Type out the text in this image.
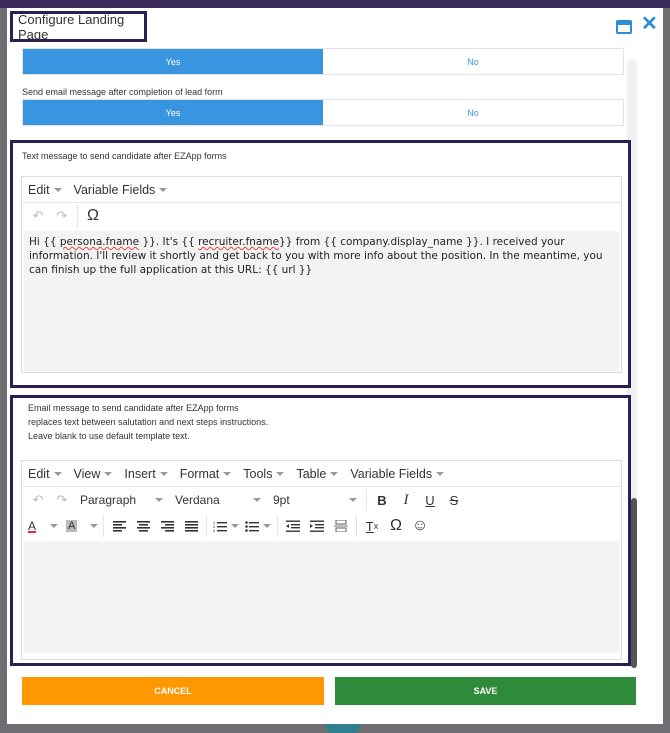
Configure Landing Page	✕
Yes	No
Send email message after completion of lead form
Yes	No
Text message to send candidate after EZApp forms
Edit	Variable Fields
↶	↷	Ω
Hi {{ persona.fname }}. It's {{ recruiter.fname}} from {{ company.display_name }}. I received your information. I'll review it shortly and get back to you with more info about the position. In the meantime, you can finish up the full application at this URL: {{ url }}
Email message to send candidate after EZApp forms
replaces text between salutation and next steps instructions.
Leave blank to use default template text.
Edit	View	Insert	Format	Tools	Table	Variable Fields
↶	↷	Paragraph	Verdana	9pt	B	I	U	S
A	A	1
2
3	T x Ω ☺
CANCEL	SAVE
